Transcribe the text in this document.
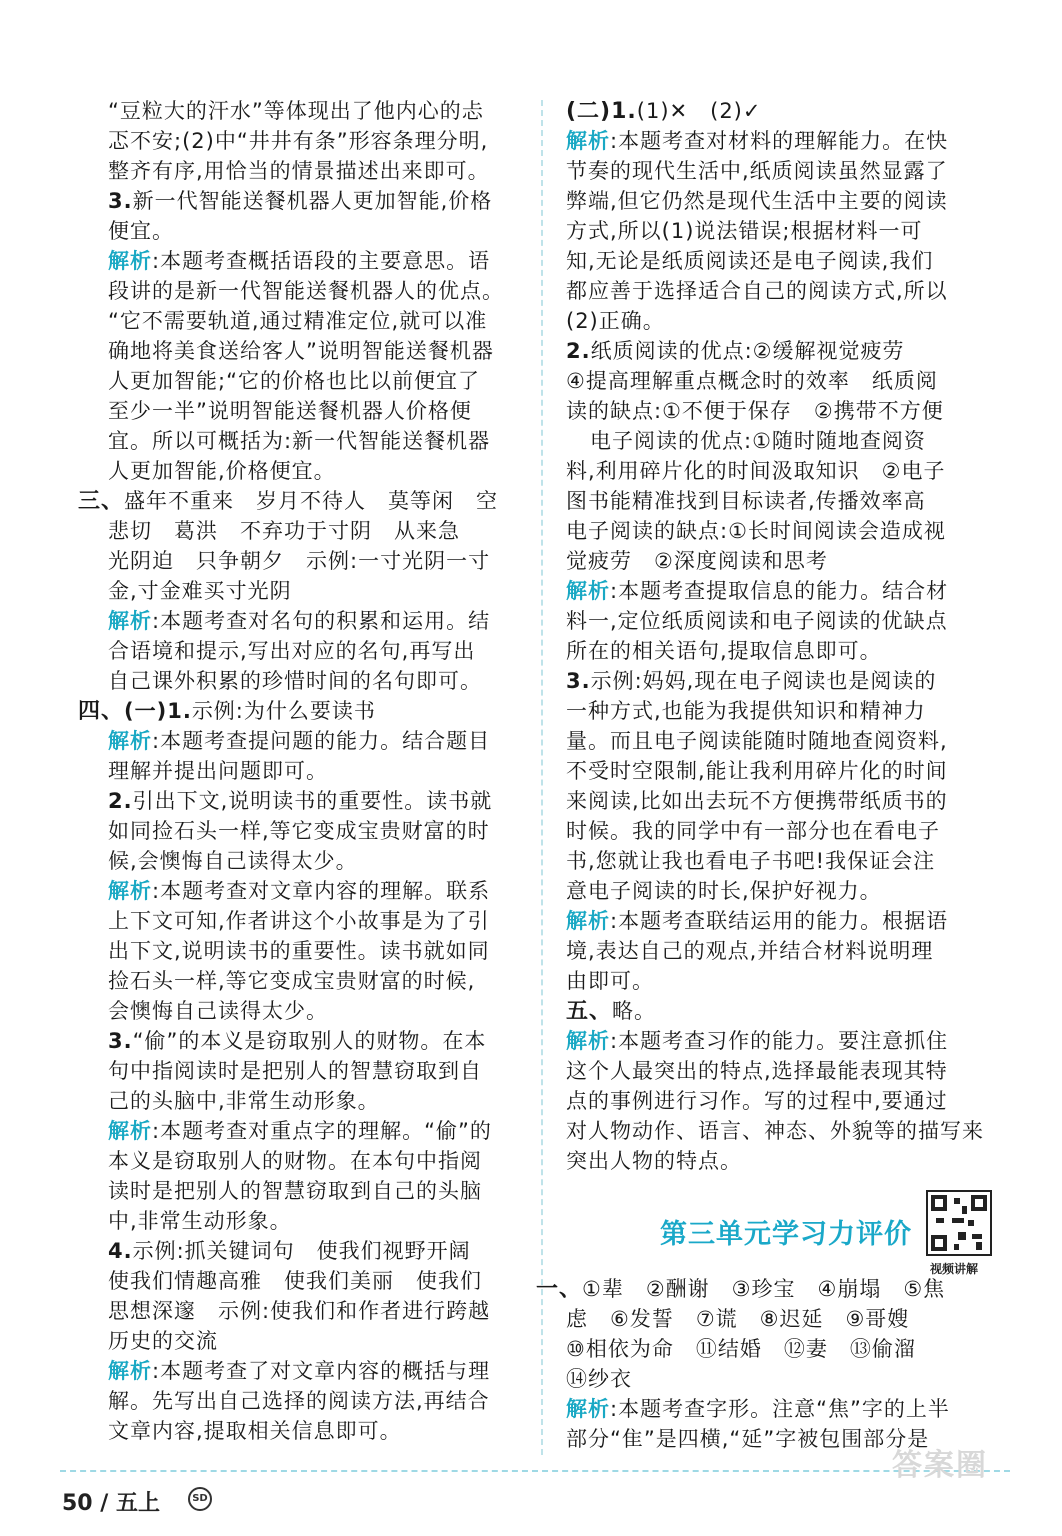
“豆粒大的汗水”等体现出了他内心的忐
忑不安;(2)中“井井有条”形容条理分明,
整齐有序,用恰当的情景描述出来即可。
3.新一代智能送餐机器人更加智能,价格
便宜。
解析:本题考查概括语段的主要意思。语
段讲的是新一代智能送餐机器人的优点。
“它不需要轨道,通过精准定位,就可以准
确地将美食送给客人”说明智能送餐机器
人更加智能;“它的价格也比以前便宜了
至少一半”说明智能送餐机器人价格便
宜。所以可概括为:新一代智能送餐机器
人更加智能,价格便宜。
三、盛年不重来　岁月不待人　莫等闲　空
悲切　葛洪　不弃功于寸阴　从来急
光阴迫　只争朝夕　示例:一寸光阴一寸
金,寸金难买寸光阴
解析:本题考查对名句的积累和运用。结
合语境和提示,写出对应的名句,再写出
自己课外积累的珍惜时间的名句即可。
四、(一)1.示例:为什么要读书
解析:本题考查提问题的能力。结合题目
理解并提出问题即可。
2.引出下文,说明读书的重要性。读书就
如同捡石头一样,等它变成宝贵财富的时
候,会懊悔自己读得太少。
解析:本题考查对文章内容的理解。联系
上下文可知,作者讲这个小故事是为了引
出下文,说明读书的重要性。读书就如同
捡石头一样,等它变成宝贵财富的时候,
会懊悔自己读得太少。
3.“偷”的本义是窃取别人的财物。在本
句中指阅读时是把别人的智慧窃取到自
己的头脑中,非常生动形象。
解析:本题考查对重点字的理解。“偷”的
本义是窃取别人的财物。在本句中指阅
读时是把别人的智慧窃取到自己的头脑
中,非常生动形象。
4.示例:抓关键词句　使我们视野开阔
使我们情趣高雅　使我们美丽　使我们
思想深邃　示例:使我们和作者进行跨越
历史的交流
解析:本题考查了对文章内容的概括与理
解。先写出自己选择的阅读方法,再结合
文章内容,提取相关信息即可。
(二)1.(1)✕　(2)✓
解析:本题考查对材料的理解能力。在快
节奏的现代生活中,纸质阅读虽然显露了
弊端,但它仍然是现代生活中主要的阅读
方式,所以(1)说法错误;根据材料一可
知,无论是纸质阅读还是电子阅读,我们
都应善于选择适合自己的阅读方式,所以
(2)正确。
2.纸质阅读的优点:②缓解视觉疲劳
④提高理解重点概念时的效率　纸质阅
读的缺点:①不便于保存　②携带不方便
电子阅读的优点:①随时随地查阅资
料,利用碎片化的时间汲取知识　②电子
图书能精准找到目标读者,传播效率高
电子阅读的缺点:①长时间阅读会造成视
觉疲劳　②深度阅读和思考
解析:本题考查提取信息的能力。结合材
料一,定位纸质阅读和电子阅读的优缺点
所在的相关语句,提取信息即可。
3.示例:妈妈,现在电子阅读也是阅读的
一种方式,也能为我提供知识和精神力
量。而且电子阅读能随时随地查阅资料,
不受时空限制,能让我利用碎片化的时间
来阅读,比如出去玩不方便携带纸质书的
时候。我的同学中有一部分也在看电子
书,您就让我也看电子书吧!我保证会注
意电子阅读的时长,保护好视力。
解析:本题考查联结运用的能力。根据语
境,表达自己的观点,并结合材料说明理
由即可。
五、略。
解析:本题考查习作的能力。要注意抓住
这个人最突出的特点,选择最能表现其特
点的事例进行习作。写的过程中,要通过
对人物动作、语言、神态、外貌等的描写来
突出人物的特点。
第三单元学习力评价
视频讲解
一、①辈　②酬谢　③珍宝　④崩塌　⑤焦
虑　⑥发誓　⑦谎　⑧迟延　⑨哥嫂
⑩相依为命　⑪结婚　⑫妻　⑬偷溜
⑭纱衣
解析:本题考查字形。注意“焦”字的上半
部分“隹”是四横,“延”字被包围部分是
50 / 五上	SD
答案圈
